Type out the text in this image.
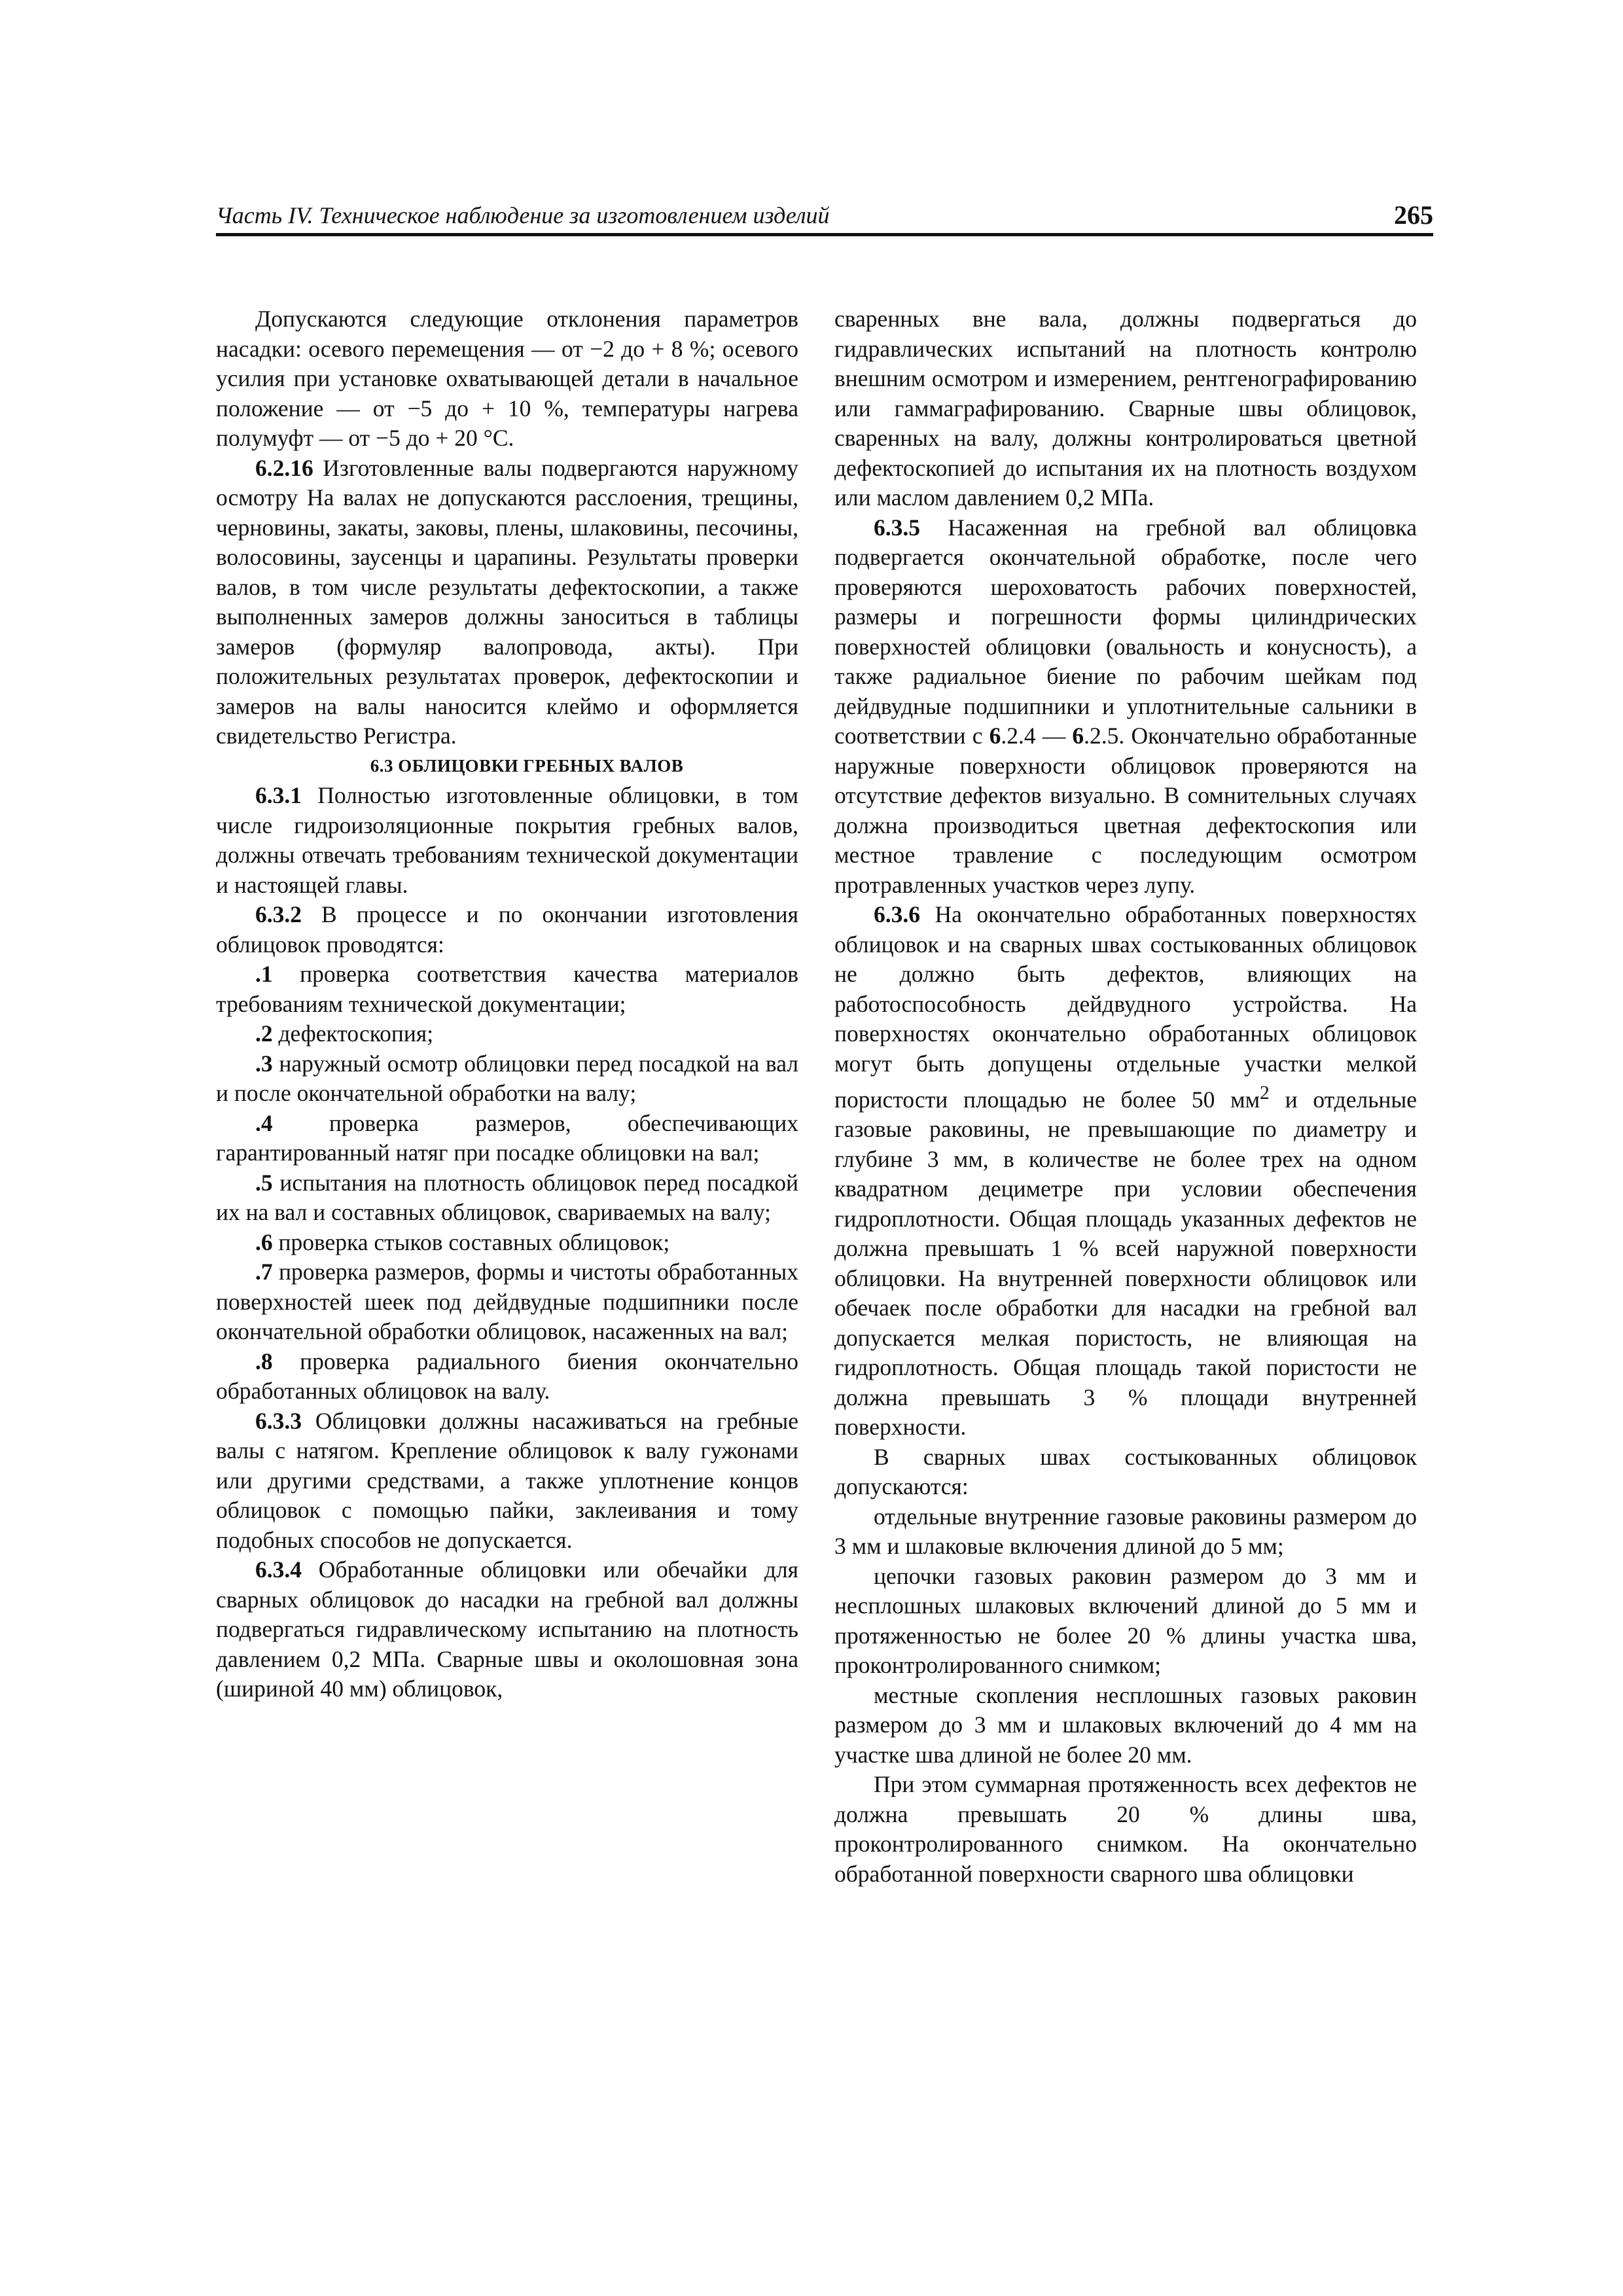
Часть IV. Техническое наблюдение за изготовлением изделий	265

Допускаются следующие отклонения параметров насадки: осевого перемещения — от −2 до + 8 %; осевого усилия при установке охватывающей детали в начальное положение — от −5 до + 10 %, температуры нагрева полумуфт — от −5 до + 20 °С.

6.2.16 Изготовленные валы подвергаются наружному осмотру На валах не допускаются расслоения, трещины, черновины, закаты, заковы, плены, шлаковины, песочины, волосовины, заусенцы и царапины. Результаты проверки валов, в том числе результаты дефектоскопии, а также выполненных замеров должны заноситься в таблицы замеров (формуляр валопровода, акты). При положительных результатах проверок, дефектоскопии и замеров на валы наносится клеймо и оформляется свидетельство Регистра.

6.3 ОБЛИЦОВКИ ГРЕБНЫХ ВАЛОВ

6.3.1 Полностью изготовленные облицовки, в том числе гидроизоляционные покрытия гребных валов, должны отвечать требованиям технической документации и настоящей главы.

6.3.2 В процессе и по окончании изготовления облицовок проводятся:

.1 проверка соответствия качества материалов требованиям технической документации;

.2 дефектоскопия;

.3 наружный осмотр облицовки перед посадкой на вал и после окончательной обработки на валу;

.4 проверка размеров, обеспечивающих гарантированный натяг при посадке облицовки на вал;

.5 испытания на плотность облицовок перед посадкой их на вал и составных облицовок, свариваемых на валу;

.6 проверка стыков составных облицовок;

.7 проверка размеров, формы и чистоты обработанных поверхностей шеек под дейдвудные подшипники после окончательной обработки облицовок, насаженных на вал;

.8 проверка радиального биения окончательно обработанных облицовок на валу.

6.3.3 Облицовки должны насаживаться на гребные валы с натягом. Крепление облицовок к валу гужонами или другими средствами, а также уплотнение концов облицовок с помощью пайки, заклеивания и тому подобных способов не допускается.

6.3.4 Обработанные облицовки или обечайки для сварных облицовок до насадки на гребной вал должны подвергаться гидравлическому испытанию на плотность давлением 0,2 МПа. Сварные швы и околошовная зона (шириной 40 мм) облицовок,

сваренных вне вала, должны подвергаться до гидравлических испытаний на плотность контролю внешним осмотром и измерением, рентгенографированию или гаммаграфированию. Сварные швы облицовок, сваренных на валу, должны контролироваться цветной дефектоскопией до испытания их на плотность воздухом или маслом давлением 0,2 МПа.

6.3.5 Насаженная на гребной вал облицовка подвергается окончательной обработке, после чего проверяются шероховатость рабочих поверхностей, размеры и погрешности формы цилиндрических поверхностей облицовки (овальность и конусность), а также радиальное биение по рабочим шейкам под дейдвудные подшипники и уплотнительные сальники в соответствии с 6.2.4 — 6.2.5. Окончательно обработанные наружные поверхности облицовок проверяются на отсутствие дефектов визуально. В сомнительных случаях должна производиться цветная дефектоскопия или местное травление с последующим осмотром протравленных участков через лупу.

6.3.6 На окончательно обработанных поверхностях облицовок и на сварных швах состыкованных облицовок не должно быть дефектов, влияющих на работоспособность дейдвудного устройства. На поверхностях окончательно обработанных облицовок могут быть допущены отдельные участки мелкой пористости площадью не более 50 $мм^2$ и отдельные газовые раковины, не превышающие по диаметру и глубине 3 мм, в количестве не более трех на одном квадратном дециметре при условии обеспечения гидроплотности. Общая площадь указанных дефектов не должна превышать 1 % всей наружной поверхности облицовки. На внутренней поверхности облицовок или обечаек после обработки для насадки на гребной вал допускается мелкая пористость, не влияющая на гидроплотность. Общая площадь такой пористости не должна превышать 3 % площади внутренней поверхности.

В сварных швах состыкованных облицовок допускаются:

отдельные внутренние газовые раковины размером до 3 мм и шлаковые включения длиной до 5 мм;

цепочки газовых раковин размером до 3 мм и несплошных шлаковых включений длиной до 5 мм и протяженностью не более 20 % длины участка шва, проконтролированного снимком;

местные скопления несплошных газовых раковин размером до 3 мм и шлаковых включений до 4 мм на участке шва длиной не более 20 мм.

При этом суммарная протяженность всех дефектов не должна превышать 20 % длины шва, проконтролированного снимком. На окончательно обработанной поверхности сварного шва облицовки
